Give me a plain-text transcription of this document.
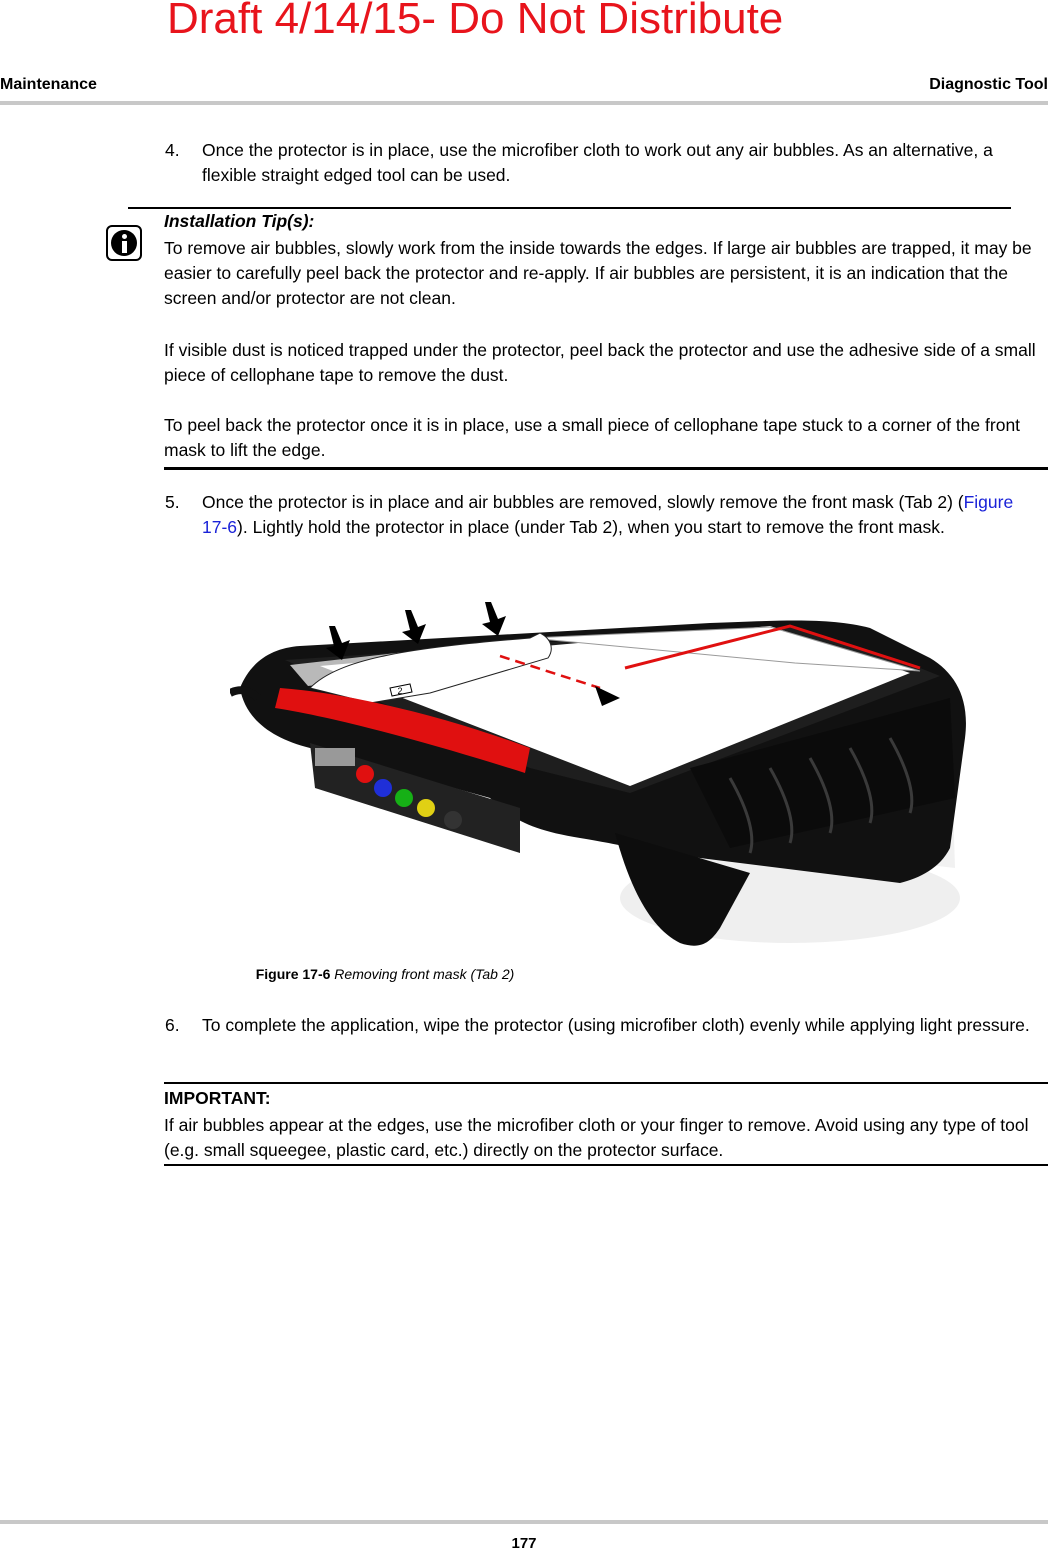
Draft 4/14/15- Do Not Distribute
Maintenance	Diagnostic Tool
4. Once the protector is in place, use the microfiber cloth to work out any air bubbles. As an alternative, a flexible straight edged tool can be used.
Installation Tip(s):
To remove air bubbles, slowly work from the inside towards the edges. If large air bubbles are trapped, it may be easier to carefully peel back the protector and re-apply. If air bubbles are persistent, it is an indication that the screen and/or protector are not clean.
If visible dust is noticed trapped under the protector, peel back the protector and use the adhesive side of a small piece of cellophane tape to remove the dust.
To peel back the protector once it is in place, use a small piece of cellophane tape stuck to a corner of the front mask to lift the edge.
5. Once the protector is in place and air bubbles are removed, slowly remove the front mask (Tab 2) (Figure 17-6). Lightly hold the protector in place (under Tab 2), when you start to remove the front mask.
2
Figure 17-6 Removing front mask (Tab 2)
6. To complete the application, wipe the protector (using microfiber cloth) evenly while applying light pressure.
IMPORTANT:
If air bubbles appear at the edges, use the microfiber cloth or your finger to remove. Avoid using any type of tool (e.g. small squeegee, plastic card, etc.) directly on the protector surface.
177
